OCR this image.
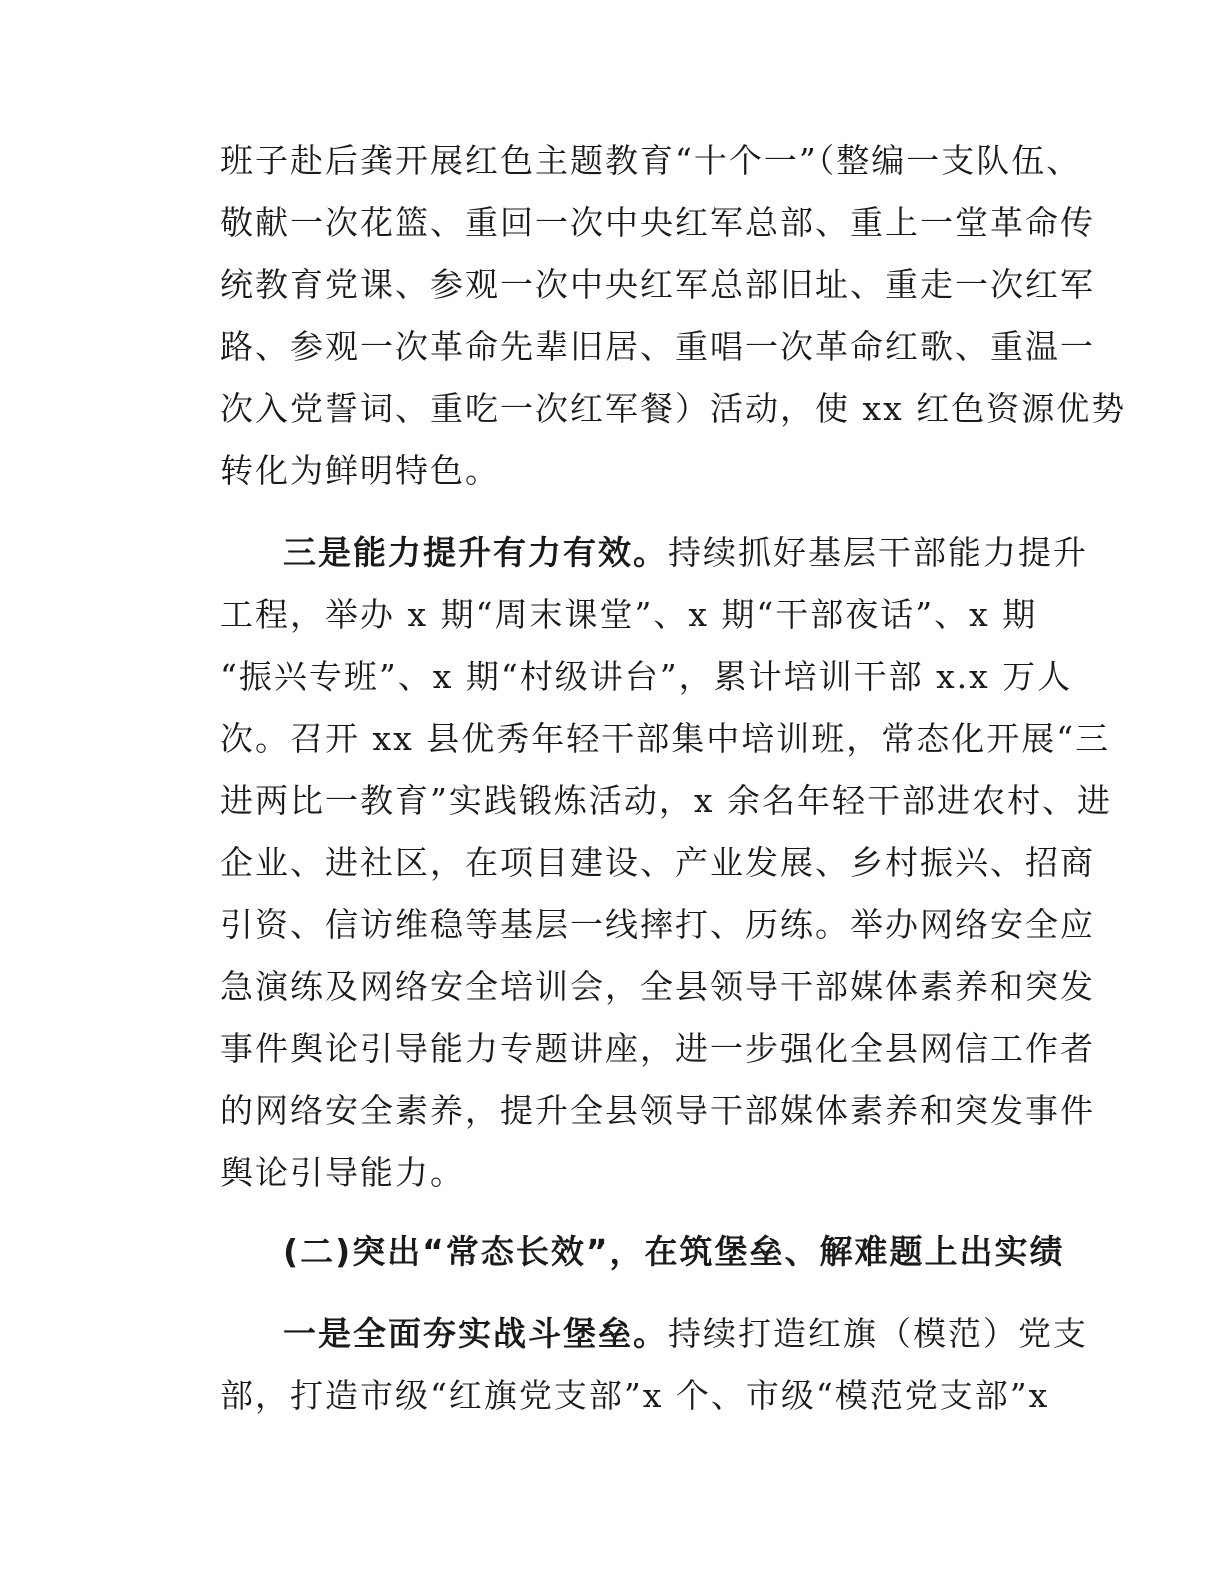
班子赴后龚开展红色主题教育“十个一”（整编一支队伍、
敬献一次花篮、重回一次中央红军总部、重上一堂革命传
统教育党课、参观一次中央红军总部旧址、重走一次红军
路、参观一次革命先辈旧居、重唱一次革命红歌、重温一
次入党誓词、重吃一次红军餐）活动，使 xx 红色资源优势
转化为鲜明特色。
三是能力提升有力有效。持续抓好基层干部能力提升
工程，举办 x 期“周末课堂”、x 期“干部夜话”、x 期
“振兴专班”、x 期“村级讲台”，累计培训干部 x.x 万人
次。召开 xx 县优秀年轻干部集中培训班，常态化开展“三
进两比一教育”实践锻炼活动，x 余名年轻干部进农村、进
企业、进社区，在项目建设、产业发展、乡村振兴、招商
引资、信访维稳等基层一线摔打、历练。举办网络安全应
急演练及网络安全培训会，全县领导干部媒体素养和突发
事件舆论引导能力专题讲座，进一步强化全县网信工作者
的网络安全素养，提升全县领导干部媒体素养和突发事件
舆论引导能力。
(二)突出“常态长效”，在筑堡垒、解难题上出实绩
一是全面夯实战斗堡垒。持续打造红旗（模范）党支
部，打造市级“红旗党支部”x 个、市级“模范党支部”x
